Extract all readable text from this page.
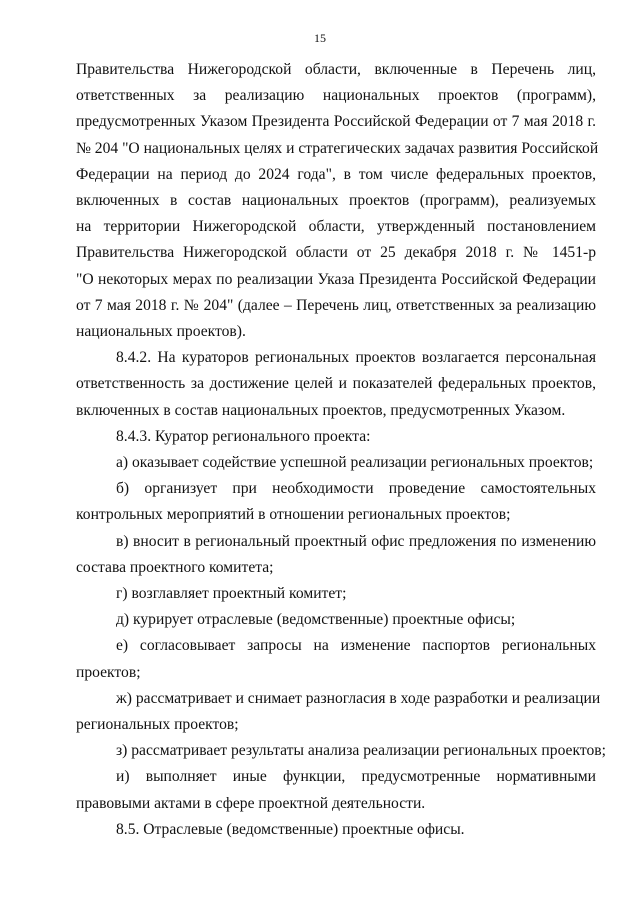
15
Правительства Нижегородской области, включенные в Перечень лиц,
ответственных за реализацию национальных проектов (программ),
предусмотренных Указом Президента Российской Федерации от 7 мая 2018 г.
№ 204 "О национальных целях и стратегических задачах развития Российской
Федерации на период до 2024 года", в том числе федеральных проектов,
включенных в состав национальных проектов (программ), реализуемых
на территории Нижегородской области, утвержденный постановлением
Правительства Нижегородской области от 25 декабря 2018 г. № 1451-р
"О некоторых мерах по реализации Указа Президента Российской Федерации
от 7 мая 2018 г. № 204" (далее – Перечень лиц, ответственных за реализацию
национальных проектов).
8.4.2. На кураторов региональных проектов возлагается персональная
ответственность за достижение целей и показателей федеральных проектов,
включенных в состав национальных проектов, предусмотренных Указом.
8.4.3. Куратор регионального проекта:
а) оказывает содействие успешной реализации региональных проектов;
б) организует при необходимости проведение самостоятельных
контрольных мероприятий в отношении региональных проектов;
в) вносит в региональный проектный офис предложения по изменению
состава проектного комитета;
г) возглавляет проектный комитет;
д) курирует отраслевые (ведомственные) проектные офисы;
е) согласовывает запросы на изменение паспортов региональных
проектов;
ж) рассматривает и снимает разногласия в ходе разработки и реализации
региональных проектов;
з) рассматривает результаты анализа реализации региональных проектов;
и) выполняет иные функции, предусмотренные нормативными
правовыми актами в сфере проектной деятельности.
8.5. Отраслевые (ведомственные) проектные офисы.
